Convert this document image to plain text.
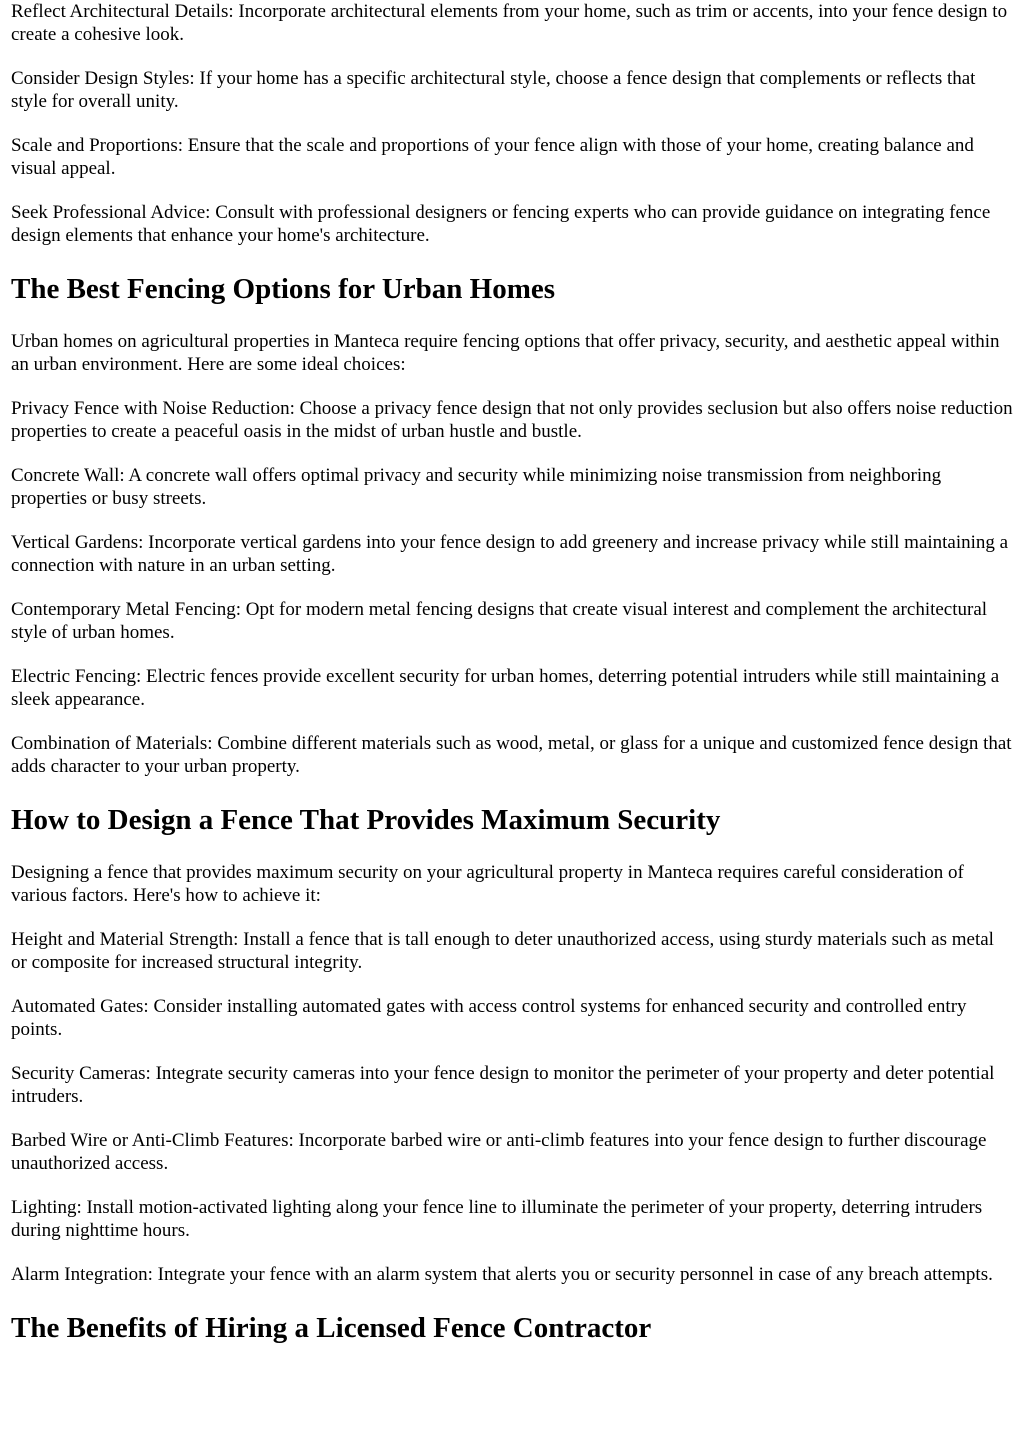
Reflect Architectural Details: Incorporate architectural elements from your home, such as trim or accents, into your fence design to create a cohesive look.

Consider Design Styles: If your home has a specific architectural style, choose a fence design that complements or reflects that style for overall unity.

Scale and Proportions: Ensure that the scale and proportions of your fence align with those of your home, creating balance and visual appeal.

Seek Professional Advice: Consult with professional designers or fencing experts who can provide guidance on integrating fence design elements that enhance your home's architecture.

The Best Fencing Options for Urban Homes

Urban homes on agricultural properties in Manteca require fencing options that offer privacy, security, and aesthetic appeal within an urban environment. Here are some ideal choices:

Privacy Fence with Noise Reduction: Choose a privacy fence design that not only provides seclusion but also offers noise reduction properties to create a peaceful oasis in the midst of urban hustle and bustle.

Concrete Wall: A concrete wall offers optimal privacy and security while minimizing noise transmission from neighboring properties or busy streets.

Vertical Gardens: Incorporate vertical gardens into your fence design to add greenery and increase privacy while still maintaining a connection with nature in an urban setting.

Contemporary Metal Fencing: Opt for modern metal fencing designs that create visual interest and complement the architectural style of urban homes.

Electric Fencing: Electric fences provide excellent security for urban homes, deterring potential intruders while still maintaining a sleek appearance.

Combination of Materials: Combine different materials such as wood, metal, or glass for a unique and customized fence design that adds character to your urban property.

How to Design a Fence That Provides Maximum Security

Designing a fence that provides maximum security on your agricultural property in Manteca requires careful consideration of various factors. Here's how to achieve it:

Height and Material Strength: Install a fence that is tall enough to deter unauthorized access, using sturdy materials such as metal or composite for increased structural integrity.

Automated Gates: Consider installing automated gates with access control systems for enhanced security and controlled entry points.

Security Cameras: Integrate security cameras into your fence design to monitor the perimeter of your property and deter potential intruders.

Barbed Wire or Anti-Climb Features: Incorporate barbed wire or anti-climb features into your fence design to further discourage unauthorized access.

Lighting: Install motion-activated lighting along your fence line to illuminate the perimeter of your property, deterring intruders during nighttime hours.

Alarm Integration: Integrate your fence with an alarm system that alerts you or security personnel in case of any breach attempts.

The Benefits of Hiring a Licensed Fence Contractor
